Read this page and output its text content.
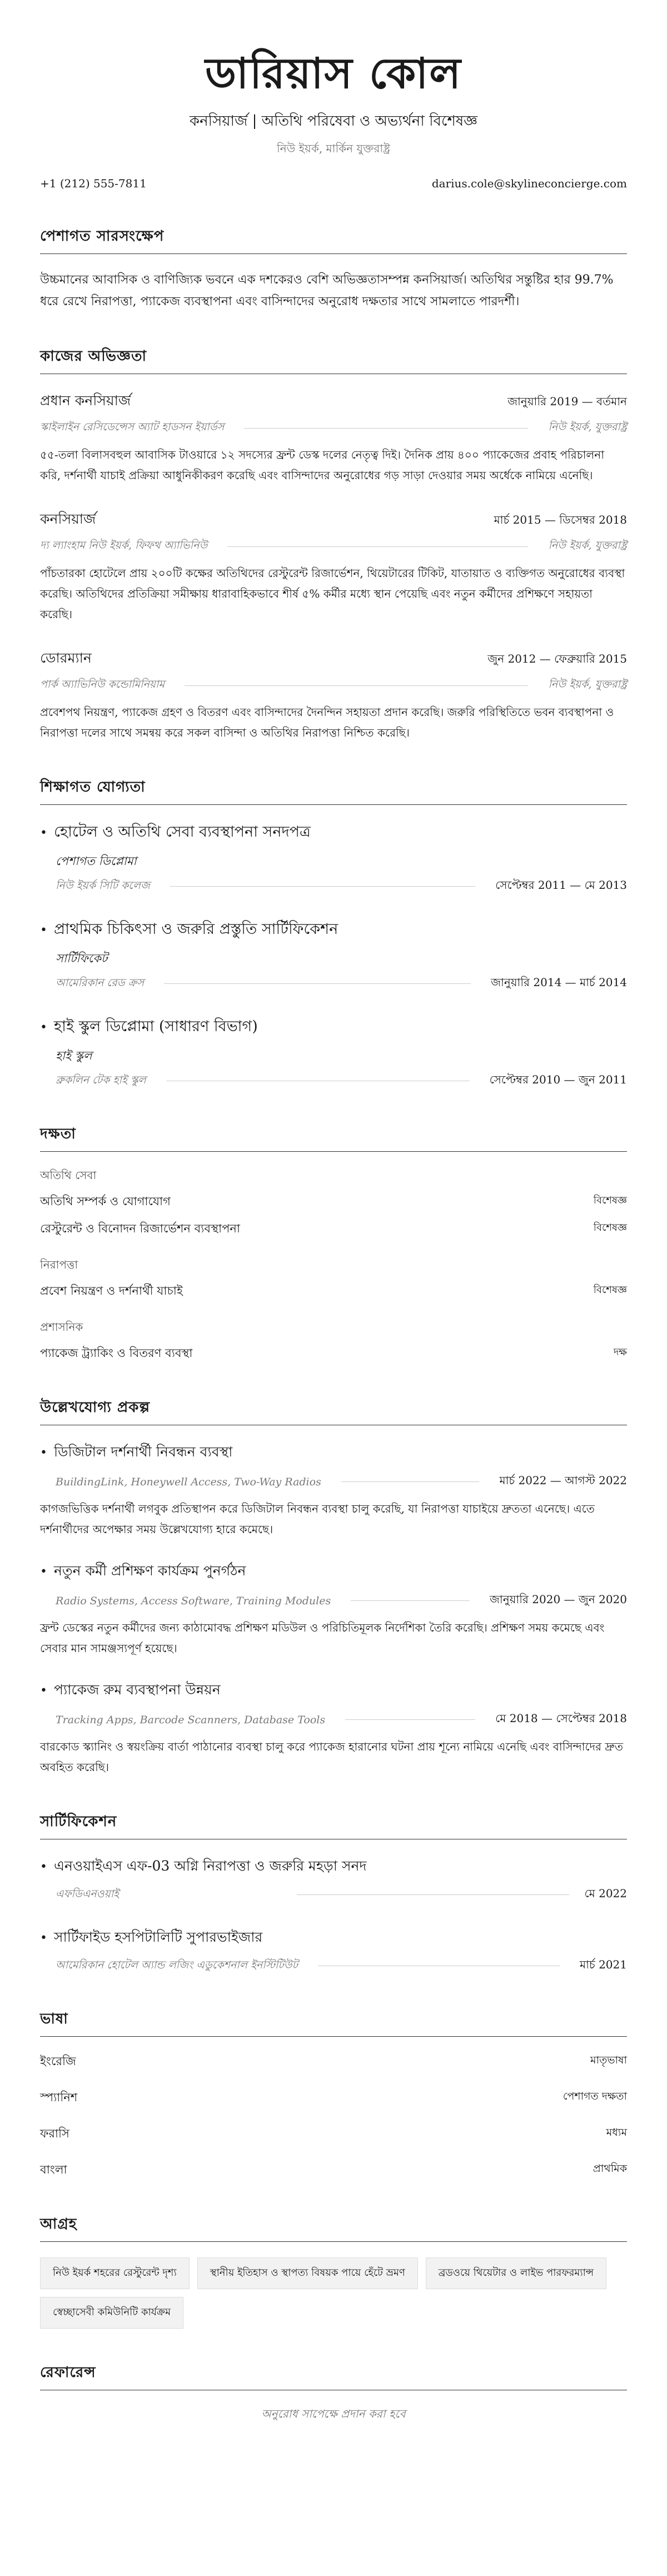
ডারিয়াস কোল
কনসিয়ার্জ | অতিথি পরিষেবা ও অভ্যর্থনা বিশেষজ্ঞ
নিউ ইয়র্ক, মার্কিন যুক্তরাষ্ট্র
+1 (212) 555-7811	darius.cole@skylineconcierge.com
পেশাগত সারসংক্ষেপ

উচ্চমানের আবাসিক ও বাণিজ্যিক ভবনে এক দশকেরও বেশি অভিজ্ঞতাসম্পন্ন কনসিয়ার্জ। অতিথির সন্তুষ্টির হার 99.7% ধরে রেখে নিরাপত্তা, প্যাকেজ ব্যবস্থাপনা এবং বাসিন্দাদের অনুরোধ দক্ষতার সাথে সামলাতে পারদর্শী।

কাজের অভিজ্ঞতা
প্রধান কনসিয়ার্জ	জানুয়ারি 2019 — বর্তমান
স্কাইলাইন রেসিডেন্সেস অ্যাট হাডসন ইয়ার্ডস	নিউ ইয়র্ক, যুক্তরাষ্ট্র

৫৫-তলা বিলাসবহুল আবাসিক টাওয়ারে ১২ সদস্যের ফ্রন্ট ডেস্ক দলের নেতৃত্ব দিই। দৈনিক প্রায় ৪০০ প্যাকেজের প্রবাহ পরিচালনা করি, দর্শনার্থী যাচাই প্রক্রিয়া আধুনিকীকরণ করেছি এবং বাসিন্দাদের অনুরোধের গড় সাড়া দেওয়ার সময় অর্ধেকে নামিয়ে এনেছি।

কনসিয়ার্জ	মার্চ 2015 — ডিসেম্বর 2018
দ্য ল্যাংহাম নিউ ইয়র্ক, ফিফথ অ্যাভিনিউ	নিউ ইয়র্ক, যুক্তরাষ্ট্র

পাঁচতারকা হোটেলে প্রায় ২০০টি কক্ষের অতিথিদের রেস্টুরেন্ট রিজার্ভেশন, থিয়েটারের টিকিট, যাতায়াত ও ব্যক্তিগত অনুরোধের ব্যবস্থা করেছি। অতিথিদের প্রতিক্রিয়া সমীক্ষায় ধারাবাহিকভাবে শীর্ষ ৫% কর্মীর মধ্যে স্থান পেয়েছি এবং নতুন কর্মীদের প্রশিক্ষণে সহায়তা করেছি।

ডোরম্যান	জুন 2012 — ফেব্রুয়ারি 2015
পার্ক অ্যাভিনিউ কন্ডোমিনিয়াম	নিউ ইয়র্ক, যুক্তরাষ্ট্র

প্রবেশপথ নিয়ন্ত্রণ, প্যাকেজ গ্রহণ ও বিতরণ এবং বাসিন্দাদের দৈনন্দিন সহায়তা প্রদান করেছি। জরুরি পরিস্থিতিতে ভবন ব্যবস্থাপনা ও নিরাপত্তা দলের সাথে সমন্বয় করে সকল বাসিন্দা ও অতিথির নিরাপত্তা নিশ্চিত করেছি।

শিক্ষাগত যোগ্যতা
• হোটেল ও অতিথি সেবা ব্যবস্থাপনা সনদপত্র
পেশাগত ডিপ্লোমা
নিউ ইয়র্ক সিটি কলেজ	সেপ্টেম্বর 2011 — মে 2013
• প্রাথমিক চিকিৎসা ও জরুরি প্রস্তুতি সার্টিফিকেশন
সার্টিফিকেট
আমেরিকান রেড ক্রস	জানুয়ারি 2014 — মার্চ 2014
• হাই স্কুল ডিপ্লোমা (সাধারণ বিভাগ)
হাই স্কুল
ব্রুকলিন টেক হাই স্কুল	সেপ্টেম্বর 2010 — জুন 2011
দক্ষতা
অতিথি সেবা
অতিথি সম্পর্ক ও যোগাযোগ	বিশেষজ্ঞ
রেস্টুরেন্ট ও বিনোদন রিজার্ভেশন ব্যবস্থাপনা	বিশেষজ্ঞ
নিরাপত্তা
প্রবেশ নিয়ন্ত্রণ ও দর্শনার্থী যাচাই	বিশেষজ্ঞ
প্রশাসনিক
প্যাকেজ ট্র্যাকিং ও বিতরণ ব্যবস্থা	দক্ষ
উল্লেখযোগ্য প্রকল্প
• ডিজিটাল দর্শনার্থী নিবন্ধন ব্যবস্থা
BuildingLink, Honeywell Access, Two-Way Radios	মার্চ 2022 — আগস্ট 2022

কাগজভিত্তিক দর্শনার্থী লগবুক প্রতিস্থাপন করে ডিজিটাল নিবন্ধন ব্যবস্থা চালু করেছি, যা নিরাপত্তা যাচাইয়ে দ্রুততা এনেছে। এতে দর্শনার্থীদের অপেক্ষার সময় উল্লেখযোগ্য হারে কমেছে।

• নতুন কর্মী প্রশিক্ষণ কার্যক্রম পুনর্গঠন
Radio Systems, Access Software, Training Modules	জানুয়ারি 2020 — জুন 2020

ফ্রন্ট ডেস্কের নতুন কর্মীদের জন্য কাঠামোবদ্ধ প্রশিক্ষণ মডিউল ও পরিচিতিমূলক নির্দেশিকা তৈরি করেছি। প্রশিক্ষণ সময় কমেছে এবং সেবার মান সামঞ্জস্যপূর্ণ হয়েছে।

• প্যাকেজ রুম ব্যবস্থাপনা উন্নয়ন
Tracking Apps, Barcode Scanners, Database Tools	মে 2018 — সেপ্টেম্বর 2018

বারকোড স্ক্যানিং ও স্বয়ংক্রিয় বার্তা পাঠানোর ব্যবস্থা চালু করে প্যাকেজ হারানোর ঘটনা প্রায় শূন্যে নামিয়ে এনেছি এবং বাসিন্দাদের দ্রুত অবহিত করেছি।

সার্টিফিকেশন
• এনওয়াইএস এফ-03 অগ্নি নিরাপত্তা ও জরুরি মহড়া সনদ
এফডিএনওয়াই	মে 2022
• সার্টিফাইড হসপিটালিটি সুপারভাইজার
আমেরিকান হোটেল অ্যান্ড লজিং এডুকেশনাল ইনস্টিটিউট	মার্চ 2021
ভাষা
ইংরেজি	মাতৃভাষা
স্প্যানিশ	পেশাগত দক্ষতা
ফরাসি	মধ্যম
বাংলা	প্রাথমিক
আগ্রহ
নিউ ইয়র্ক শহরের রেস্টুরেন্ট দৃশ্য	স্থানীয় ইতিহাস ও স্থাপত্য বিষয়ক পায়ে হেঁটে ভ্রমণ	ব্রডওয়ে থিয়েটার ও লাইভ পারফরম্যান্স
স্বেচ্ছাসেবী কমিউনিটি কার্যক্রম
রেফারেন্স
অনুরোধ সাপেক্ষে প্রদান করা হবে
